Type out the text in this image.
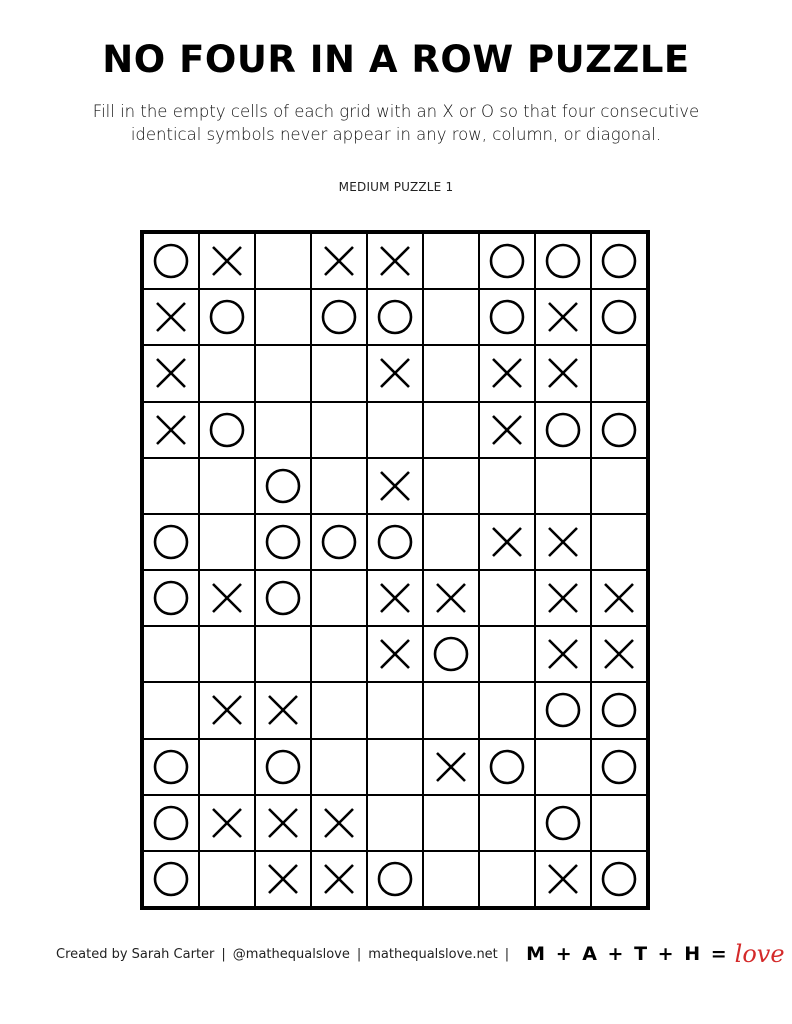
NO FOUR IN A ROW PUZZLE
Fill in the empty cells of each grid with an X or O so that four consecutive identical symbols never appear in any row, column, or diagonal.
MEDIUM PUZZLE 1
Created by Sarah Carter | @mathequalslove | mathequalslove.net | M + A + T + H = love
